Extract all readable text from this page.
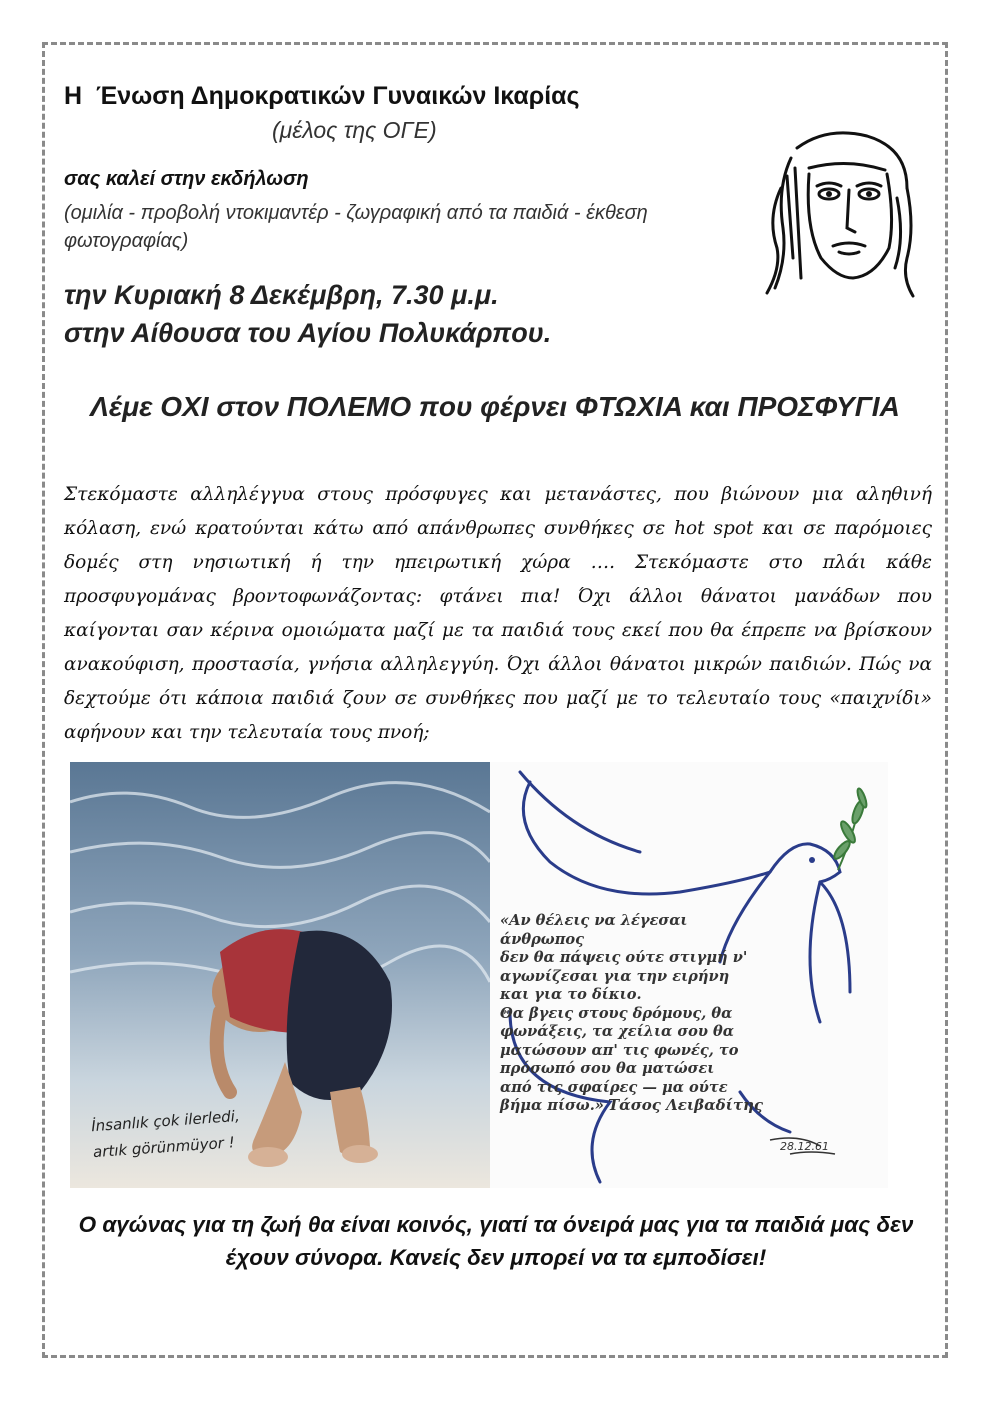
Η  Ένωση Δημοκρατικών Γυναικών Ικαρίας
(μέλος της ΟΓΕ)
σας καλεί στην εκδήλωση
(ομιλία - προβολή ντοκιμαντέρ - ζωγραφική από τα παιδιά - έκθεση φωτογραφίας)
την Κυριακή 8 Δεκέμβρη, 7.30 μ.μ.
στην Αίθουσα του Αγίου Πολυκάρπου.
Λέμε ΟΧΙ στον ΠΟΛΕΜΟ που φέρνει ΦΤΩΧΙΑ και ΠΡΟΣΦΥΓΙΑ
Στεκόμαστε αλληλέγγυα στους πρόσφυγες και μετανάστες, που βιώνουν μια αληθινή κόλαση, ενώ κρατούνται κάτω από απάνθρωπες συνθήκες σε hot spot και σε παρόμοιες δομές στη νησιωτική ή την ηπειρωτική χώρα …. Στεκόμαστε στο πλάι κάθε προσφυγομάνας βροντοφωνάζοντας: φτάνει πια! Όχι άλλοι θάνατοι μανάδων που καίγονται σαν κέρινα ομοιώματα μαζί με τα παιδιά τους εκεί που θα έπρεπε να βρίσκουν ανακούφιση, προστασία, γνήσια αλληλεγγύη. Όχι άλλοι θάνατοι μικρών παιδιών. Πώς να δεχτούμε ότι κάποια παιδιά ζουν σε συνθήκες που μαζί με το τελευταίο τους «παιχνίδι» αφήνουν και την τελευταία τους πνοή;
İnsanlık çok ilerledi,
artık görünmüyor !
«Αν θέλεις να λέγεσαι
άνθρωπος
δεν θα πάψεις ούτε στιγμή ν'
αγωνίζεσαι για την ειρήνη
και για το δίκιο.
Θα βγεις στους δρόμους, θα
φωνάξεις, τα χείλια σου θα
ματώσουν απ' τις φωνές, το
πρόσωπό σου θα ματώσει
από τις σφαίρες — μα ούτε
βήμα πίσω.» Τάσος Λειβαδίτης
28.12.61
Ο αγώνας για τη ζωή θα είναι κοινός, γιατί τα όνειρά μας για τα παιδιά μας δεν έχουν σύνορα. Κανείς δεν μπορεί να τα εμποδίσει!
